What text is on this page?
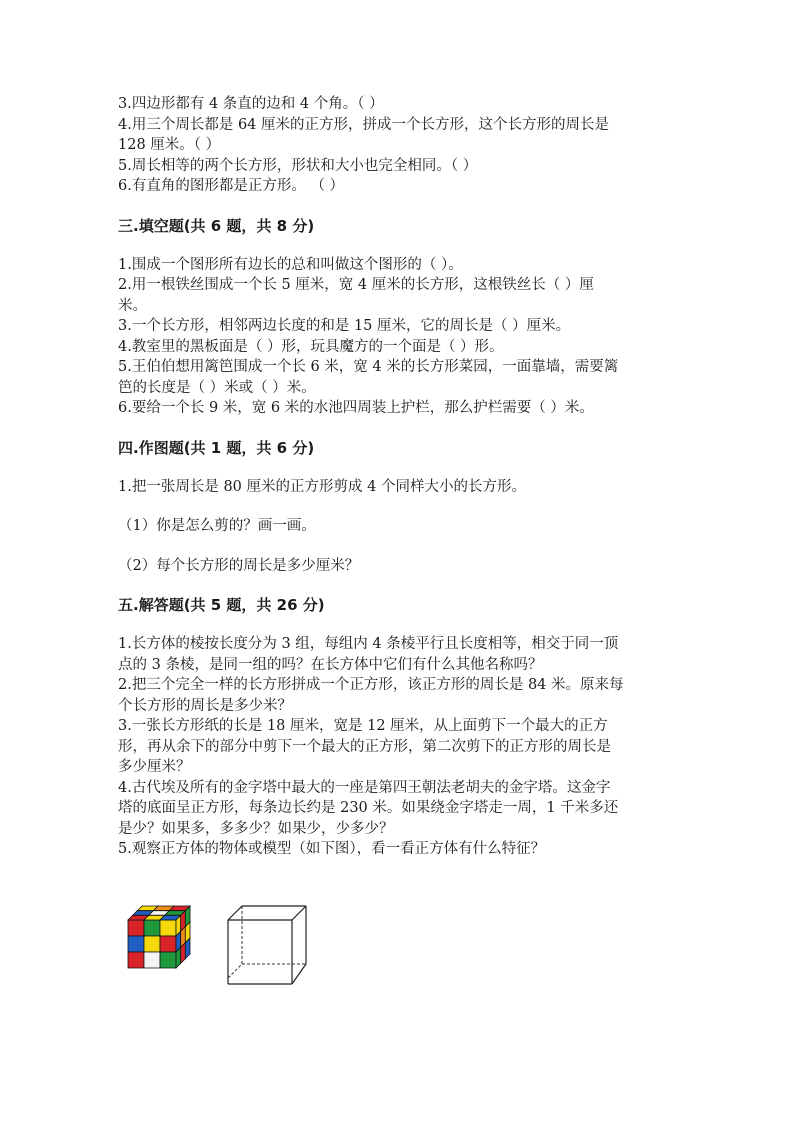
3.四边形都有 4 条直的边和 4 个角。（ ）
4.用三个周长都是 64 厘米的正方形，拼成一个长方形，这个长方形的周长是
128 厘米。（ ）
5.周长相等的两个长方形，形状和大小也完全相同。（ ）
6.有直角的图形都是正方形。 （ ）
三.填空题(共 6 题，共 8 分)
1.围成一个图形所有边长的总和叫做这个图形的（ ）。
2.用一根铁丝围成一个长 5 厘米，宽 4 厘米的长方形，这根铁丝长（ ）厘
米。
3.一个长方形，相邻两边长度的和是 15 厘米，它的周长是（ ）厘米。
4.教室里的黑板面是（ ）形，玩具魔方的一个面是（ ）形。
5.王伯伯想用篱笆围成一个长 6 米，宽 4 米的长方形菜园，一面靠墙，需要篱
笆的长度是（ ）米或（ ）米。
6.要给一个长 9 米，宽 6 米的水池四周装上护栏，那么护栏需要（ ）米。
四.作图题(共 1 题，共 6 分)
1.把一张周长是 80 厘米的正方形剪成 4 个同样大小的长方形。
（1）你是怎么剪的？画一画。
（2）每个长方形的周长是多少厘米？
五.解答题(共 5 题，共 26 分)
1.长方体的棱按长度分为 3 组，每组内 4 条棱平行且长度相等，相交于同一顶
点的 3 条棱，是同一组的吗？在长方体中它们有什么其他名称吗？
2.把三个完全一样的长方形拼成一个正方形，该正方形的周长是 84 米。原来每
个长方形的周长是多少米？
3.一张长方形纸的长是 18 厘米，宽是 12 厘米，从上面剪下一个最大的正方
形，再从余下的部分中剪下一个最大的正方形，第二次剪下的正方形的周长是
多少厘米？
4.古代埃及所有的金字塔中最大的一座是第四王朝法老胡夫的金字塔。这金字
塔的底面呈正方形，每条边长约是 230 米。如果绕金字塔走一周，1 千米多还
是少？如果多，多多少？如果少，少多少？
5.观察正方体的物体或模型（如下图），看一看正方体有什么特征？
